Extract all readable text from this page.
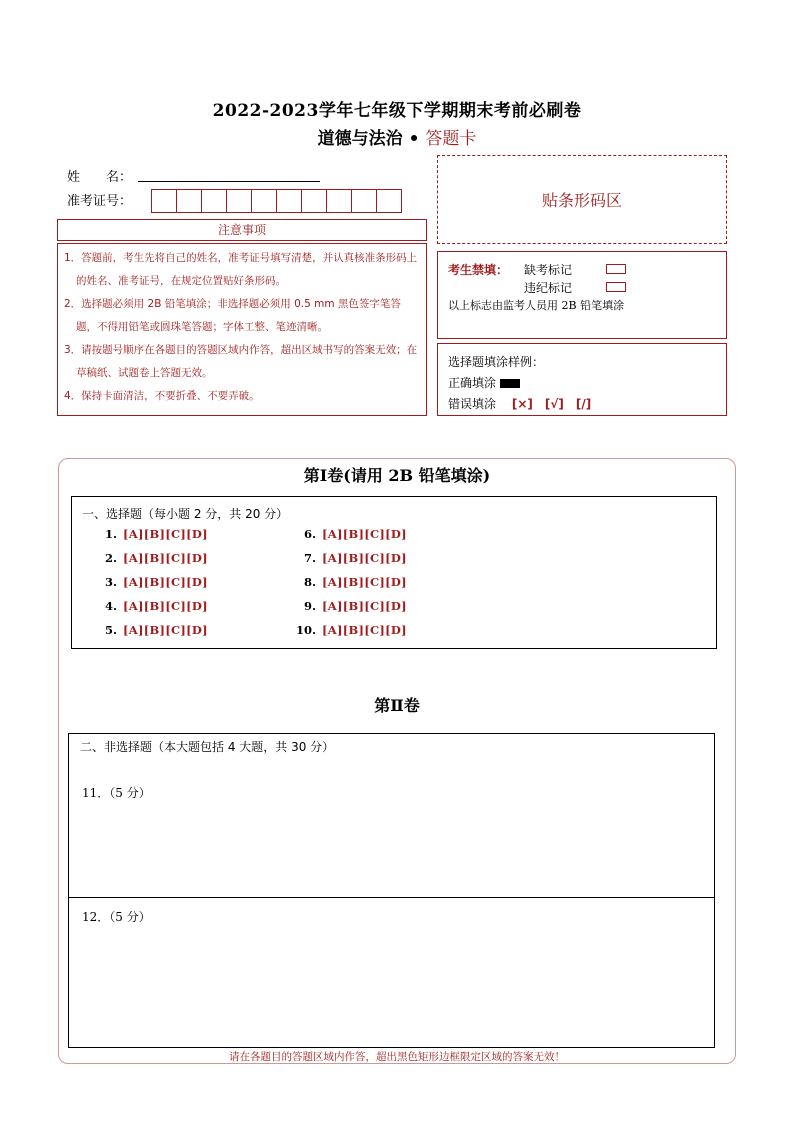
2022-2023学年七年级下学期期末考前必刷卷
道德与法治 • 答题卡
姓　　名：
准考证号：	贴条形码区
注意事项

1．答题前，考生先将自己的姓名，准考证号填写清楚，并认真核准条形码上的姓名、准考证号，在规定位置贴好条形码。

2．选择题必须用 2B 铅笔填涂；非选择题必须用 0.5 mm 黑色签字笔答题，不得用铅笔或圆珠笔答题；字体工整、笔迹清晰。

3．请按题号顺序在各题目的答题区域内作答，超出区域书写的答案无效；在草稿纸、试题卷上答题无效。

4．保持卡面清洁，不要折叠、不要弄破。

考生禁填： 缺考标记
违纪标记
以上标志由监考人员用 2B 铅笔填涂
选择题填涂样例：
正确填涂
错误填涂 [×]　[√]　[/]
第Ⅰ卷(请用 2B 铅笔填涂)
一、选择题（每小题 2 分，共 20 分）
1. [A][B][C][D]
2. [A][B][C][D]
3. [A][B][C][D]
4. [A][B][C][D]
5. [A][B][C][D]
6. [A][B][C][D]
7. [A][B][C][D]
8. [A][B][C][D]
9. [A][B][C][D]
10. [A][B][C][D]
第Ⅱ卷
二、非选择题（本大题包括 4 大题，共 30 分）
11．（5 分）
12．（5 分）
请在各题目的答题区域内作答，超出黑色矩形边框限定区域的答案无效！
